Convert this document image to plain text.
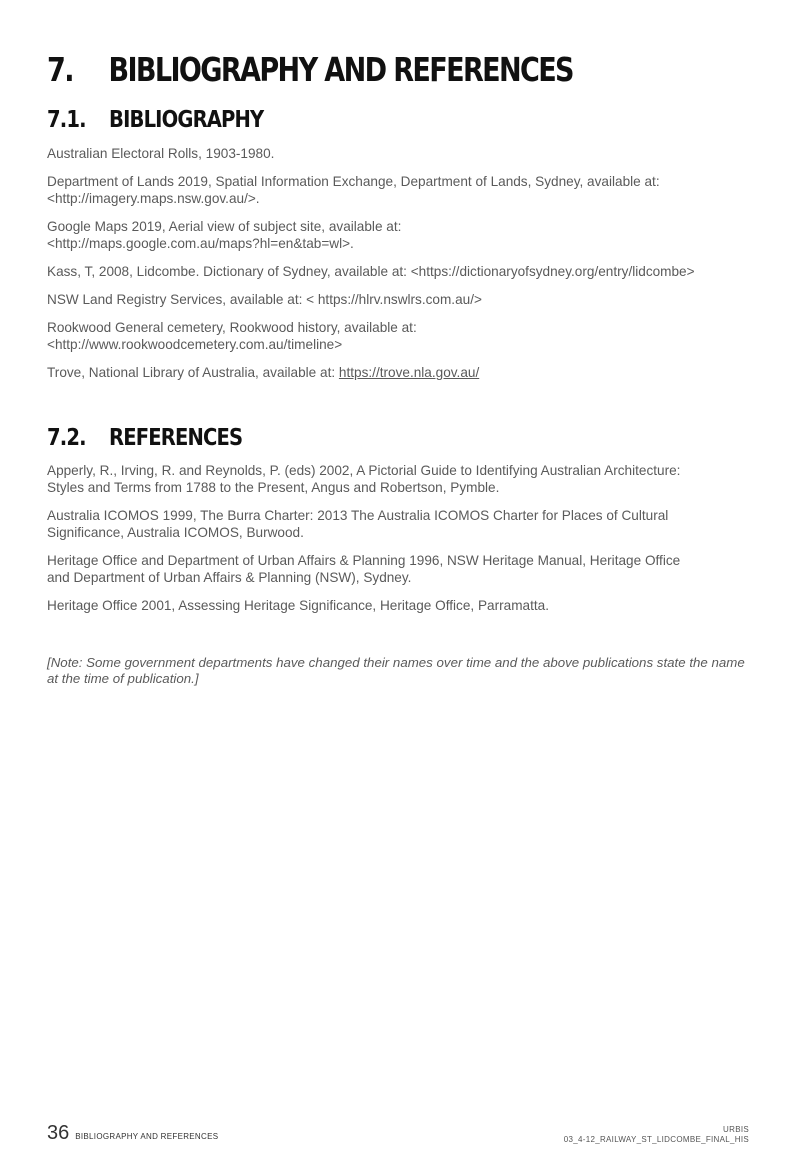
7.	BIBLIOGRAPHY AND REFERENCES
7.1.	BIBLIOGRAPHY

Australian Electoral Rolls, 1903-1980.

Department of Lands 2019, Spatial Information Exchange, Department of Lands, Sydney, available at:
<http://imagery.maps.nsw.gov.au/>.

Google Maps 2019, Aerial view of subject site, available at:
<http://maps.google.com.au/maps?hl=en&tab=wl>.

Kass, T, 2008, Lidcombe. Dictionary of Sydney, available at: <https://dictionaryofsydney.org/entry/lidcombe>

NSW Land Registry Services, available at: < https://hlrv.nswlrs.com.au/>

Rookwood General cemetery, Rookwood history, available at:
<http://www.rookwoodcemetery.com.au/timeline>

Trove, National Library of Australia, available at: https://trove.nla.gov.au/

7.2.	REFERENCES

Apperly, R., Irving, R. and Reynolds, P. (eds) 2002, A Pictorial Guide to Identifying Australian Architecture:
Styles and Terms from 1788 to the Present, Angus and Robertson, Pymble.

Australia ICOMOS 1999, The Burra Charter: 2013 The Australia ICOMOS Charter for Places of Cultural
Significance, Australia ICOMOS, Burwood.

Heritage Office and Department of Urban Affairs & Planning 1996, NSW Heritage Manual, Heritage Office
and Department of Urban Affairs & Planning (NSW), Sydney.

Heritage Office 2001, Assessing Heritage Significance, Heritage Office, Parramatta.

[Note: Some government departments have changed their names over time and the above publications state the name
at the time of publication.]
36 BIBLIOGRAPHY AND REFERENCES
URBIS
03_4-12_RAILWAY_ST_LIDCOMBE_FINAL_HIS
